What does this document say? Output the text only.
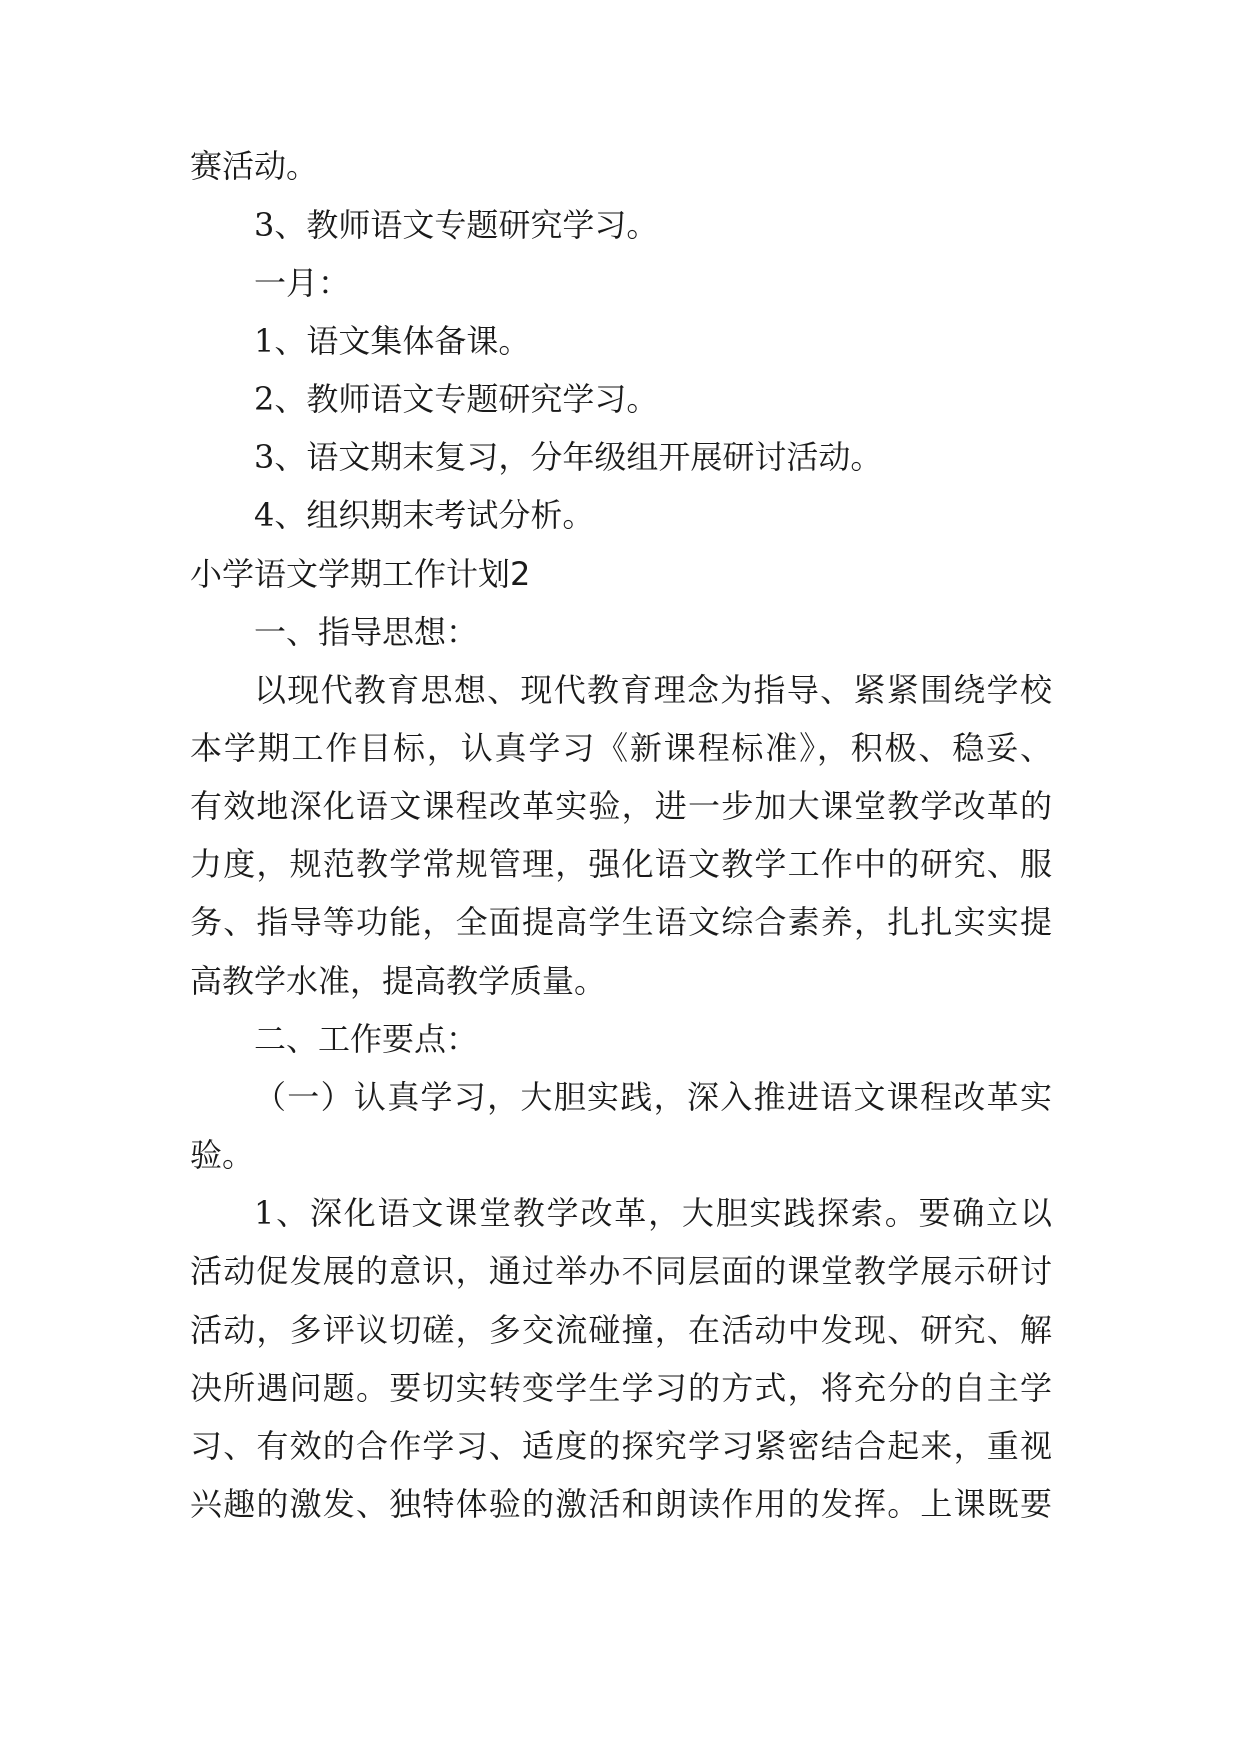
赛活动。
3、教师语文专题研究学习。
一月：
1、语文集体备课。
2、教师语文专题研究学习。
3、语文期末复习，分年级组开展研讨活动。
4、组织期末考试分析。
小学语文学期工作计划2
一、指导思想：
以现代教育思想、现代教育理念为指导、紧紧围绕学校
本学期工作目标，认真学习《新课程标准》，积极、稳妥、
有效地深化语文课程改革实验，进一步加大课堂教学改革的
力度，规范教学常规管理，强化语文教学工作中的研究、服
务、指导等功能，全面提高学生语文综合素养，扎扎实实提
高教学水准，提高教学质量。
二、工作要点：
（一）认真学习，大胆实践，深入推进语文课程改革实
验。
1、深化语文课堂教学改革，大胆实践探索。要确立以
活动促发展的意识，通过举办不同层面的课堂教学展示研讨
活动，多评议切磋，多交流碰撞，在活动中发现、研究、解
决所遇问题。要切实转变学生学习的方式，将充分的自主学
习、有效的合作学习、适度的探究学习紧密结合起来，重视
兴趣的激发、独特体验的激活和朗读作用的发挥。上课既要
